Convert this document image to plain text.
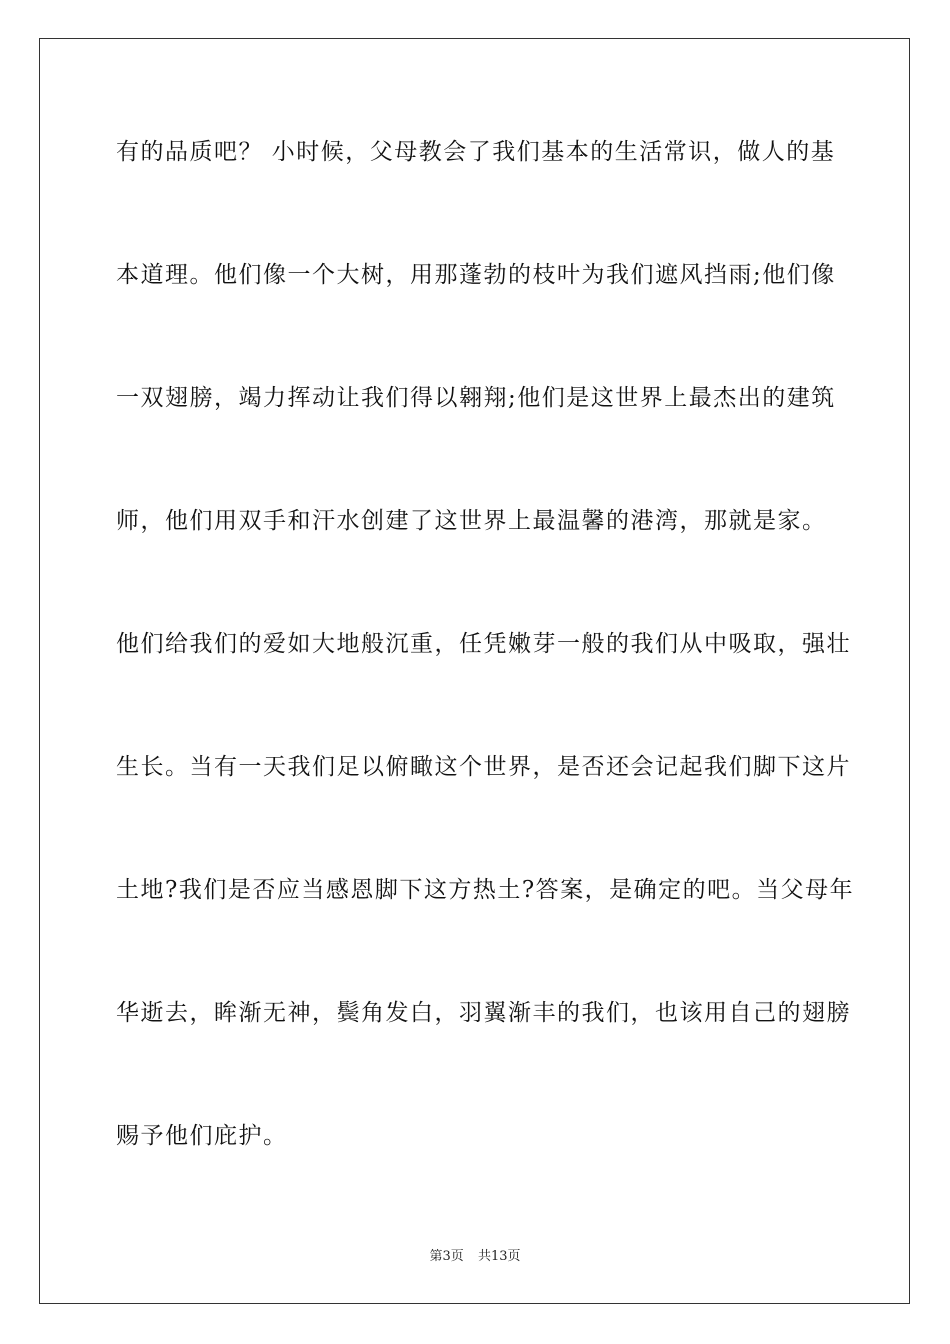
有的品质吧？ 小时候，父母教会了我们基本的生活常识，做人的基
本道理。他们像一个大树，用那蓬勃的枝叶为我们遮风挡雨;他们像
一双翅膀，竭力挥动让我们得以翱翔;他们是这世界上最杰出的建筑
师，他们用双手和汗水创建了这世界上最温馨的港湾，那就是家。
他们给我们的爱如大地般沉重，任凭嫩芽一般的我们从中吸取，强壮
生长。当有一天我们足以俯瞰这个世界，是否还会记起我们脚下这片
土地?我们是否应当感恩脚下这方热土?答案，是确定的吧。当父母年
华逝去，眸渐无神，鬓角发白，羽翼渐丰的我们，也该用自己的翅膀
赐予他们庇护。
第3页 共13页
